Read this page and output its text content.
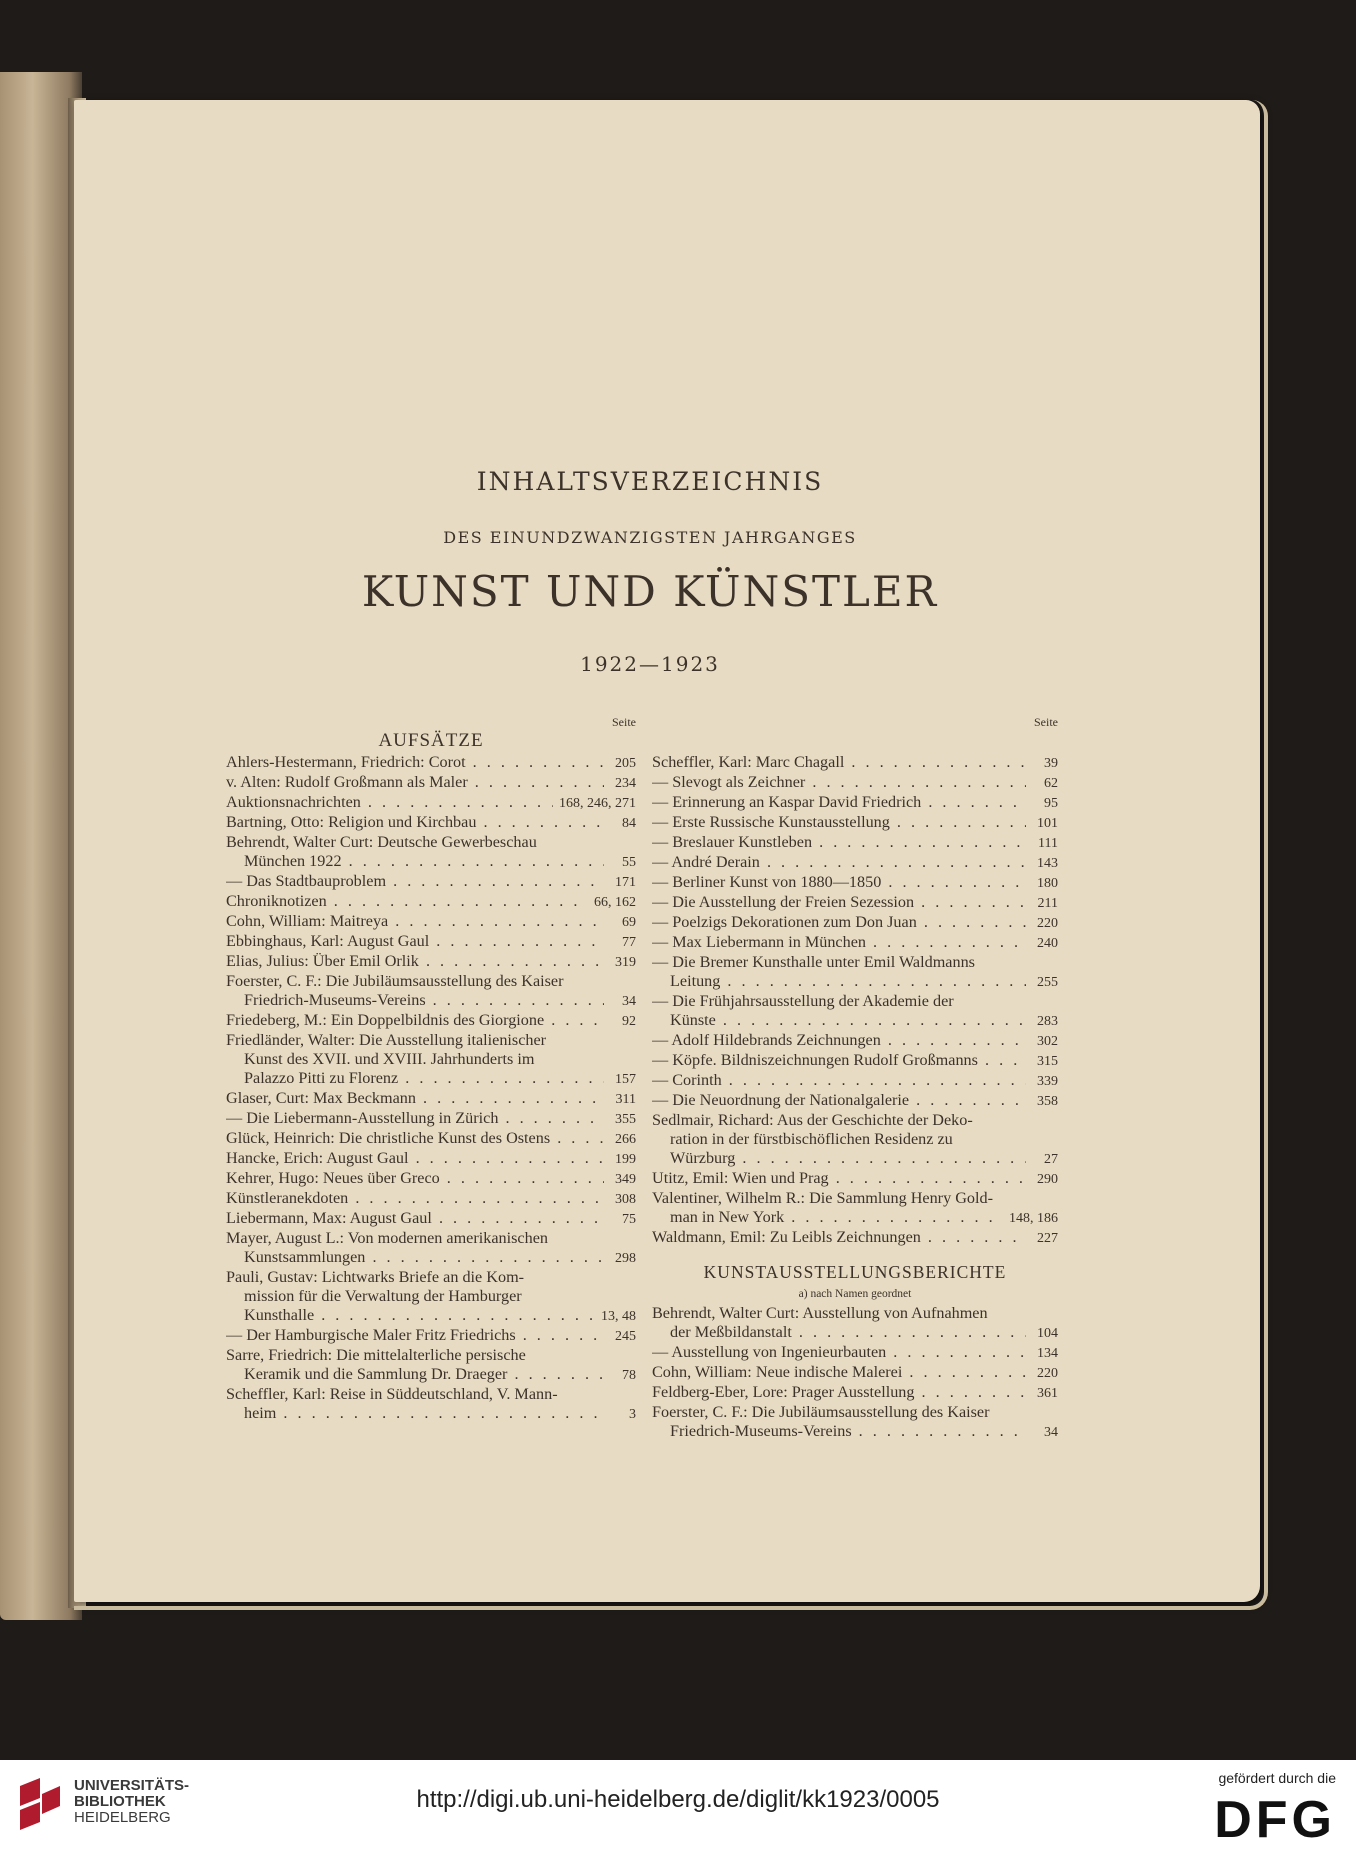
INHALTSVERZEICHNIS
DES EINUNDZWANZIGSTEN JAHRGANGES
KUNST UND KÜNSTLER
1922—1923
Seite
AUFSÄTZE
Ahlers-Hestermann, Friedrich: Corot . . .	205
v. Alten: Rudolf Großmann als Maler . . .	234
Auktionsnachrichten . . .	168, 246, 271
Bartning, Otto: Religion und Kirchbau . . .	84
Behrendt, Walter Curt: Deutsche Gewerbeschau
München 1922 . . .	55
— Das Stadtbauproblem . . .	171
Chroniknotizen . . .	66, 162
Cohn, William: Maitreya . . .	69
Ebbinghaus, Karl: August Gaul . . .	77
Elias, Julius: Über Emil Orlik . . .	319
Foerster, C. F.: Die Jubiläumsausstellung des Kaiser
Friedrich-Museums-Vereins . . .	34
Friedeberg, M.: Ein Doppelbildnis des Giorgione . . .	92
Friedländer, Walter: Die Ausstellung italienischer
Kunst des XVII. und XVIII. Jahrhunderts im
Palazzo Pitti zu Florenz . . .	157
Glaser, Curt: Max Beckmann . . .	311
— Die Liebermann-Ausstellung in Zürich . . .	355
Glück, Heinrich: Die christliche Kunst des Ostens . . .	266
Hancke, Erich: August Gaul . . .	199
Kehrer, Hugo: Neues über Greco . . .	349
Künstleranekdoten . . .	308
Liebermann, Max: August Gaul . . .	75
Mayer, August L.: Von modernen amerikanischen
Kunstsammlungen . . .	298
Pauli, Gustav: Lichtwarks Briefe an die Kom-
mission für die Verwaltung der Hamburger
Kunsthalle . . .	13, 48
— Der Hamburgische Maler Fritz Friedrichs . . .	245
Sarre, Friedrich: Die mittelalterliche persische
Keramik und die Sammlung Dr. Draeger . . .	78
Scheffler, Karl: Reise in Süddeutschland, V. Mann-
heim . . .	3
Seite
Scheffler, Karl: Marc Chagall . . .	39
— Slevogt als Zeichner . . .	62
— Erinnerung an Kaspar David Friedrich . . .	95
— Erste Russische Kunstausstellung . . .	101
— Breslauer Kunstleben . . .	111
— André Derain . . .	143
— Berliner Kunst von 1880—1850 . . .	180
— Die Ausstellung der Freien Sezession . . .	211
— Poelzigs Dekorationen zum Don Juan . . .	220
— Max Liebermann in München . . .	240
— Die Bremer Kunsthalle unter Emil Waldmanns
Leitung . . .	255
— Die Frühjahrsausstellung der Akademie der
Künste . . .	283
— Adolf Hildebrands Zeichnungen . . .	302
— Köpfe. Bildniszeichnungen Rudolf Großmanns . . .	315
— Corinth . . .	339
— Die Neuordnung der Nationalgalerie . . .	358
Sedlmair, Richard: Aus der Geschichte der Deko-
ration in der fürstbischöflichen Residenz zu
Würzburg . . .	27
Utitz, Emil: Wien und Prag . . .	290
Valentiner, Wilhelm R.: Die Sammlung Henry Gold-
man in New York . . .	148, 186
Waldmann, Emil: Zu Leibls Zeichnungen . . .	227
KUNSTAUSSTELLUNGSBERICHTE
a) nach Namen geordnet
Behrendt, Walter Curt: Ausstellung von Aufnahmen
der Meßbildanstalt . . .	104
— Ausstellung von Ingenieurbauten . . .	134
Cohn, William: Neue indische Malerei . . .	220
Feldberg-Eber, Lore: Prager Ausstellung . . .	361
Foerster, C. F.: Die Jubiläumsausstellung des Kaiser
Friedrich-Museums-Vereins . . .	34
UNIVERSITÄTS-
BIBLIOTHEK
HEIDELBERG
http://digi.ub.uni-heidelberg.de/diglit/kk1923/0005
gefördert durch die
DFG
